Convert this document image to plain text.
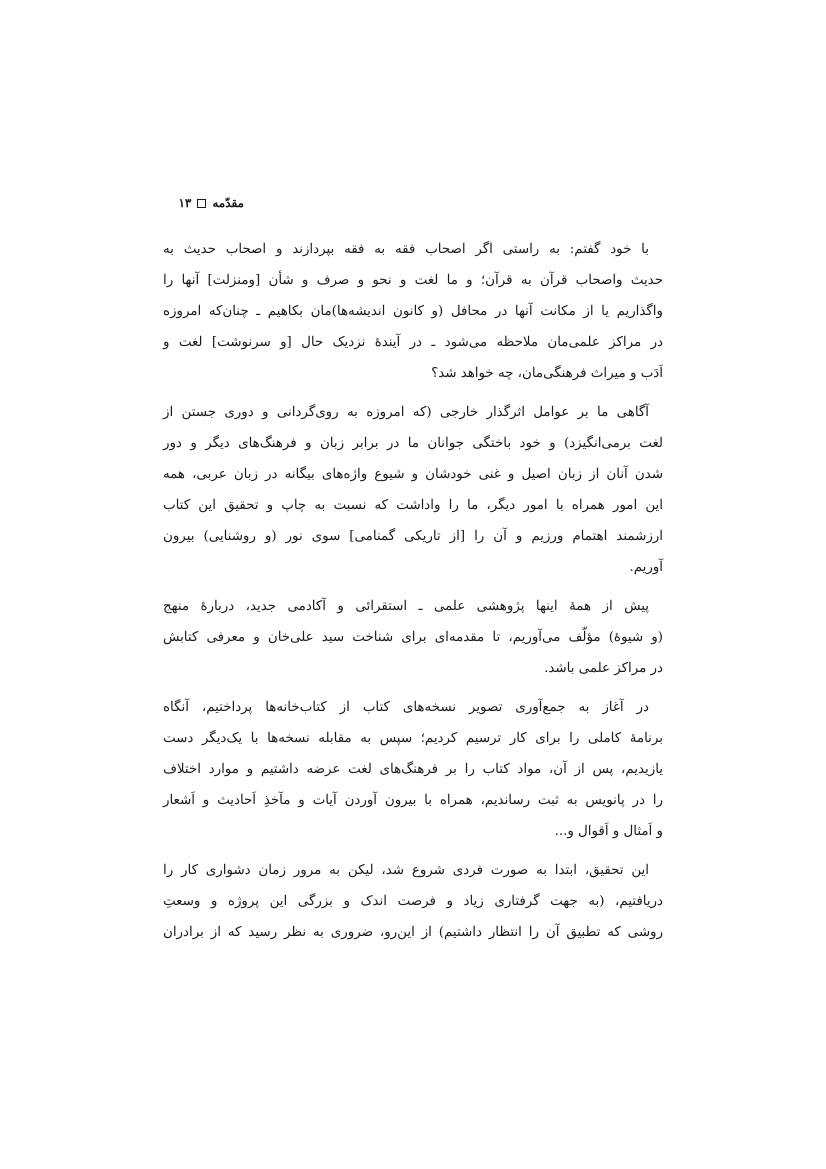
مقدّمه
١٣
با خود گفتم: به راستی اگر اصحاب فقه به فقه بپردازند و اصحاب حدیث به
حدیث واصحاب قرآن به قرآن؛ و ما لغت و نحو و صرف و شأن [ومنزلت] آنها را
واگذاریم یا از مکانت آنها در محافل (و کانون اندیشه‌ها)مان بکاهیم ـ چنان‌که امروزه
در مراکز علمی‌مان ملاحظه می‌شود ـ در آیندهٔ نزدیک حال [و سرنوشت] لغت و
اَدَب و میراث فرهنگی‌مان، چه خواهد شد؟
آگاهی ما بر عوامل اثرگذار خارجی (که امروزه به روی‌گردانی و دوری جستن از
لغت برمی‌انگیزد) و خود باختگی جوانان ما در برابر زبان و فرهنگ‌های دیگر و دور
شدن آنان از زبان اصیل و غنی خودشان و شیوع واژه‌های بیگانه در زبان عربی، همه
این امور همراه با امور دیگر، ما را واداشت که نسبت به چاپ و تحقیق این کتاب
ارزشمند اهتمام ورزیم و آن را [از تاریکی گمنامی] سوی نور (و روشنایی) بیرون
آوریم.
پیش از همهٔ اینها پژوهشی علمی ـ استقرائی و آکادمی جدید، دربارهٔ منهج
(و شیوهٔ) مؤلّف می‌آوریم، تا مقدمه‌ای برای شناخت سید علی‌خان و معرفی کتابش
در مراکز علمی باشد.
در آغاز به جمع‌آوری تصویر نسخه‌های کتاب از کتاب‌خانه‌ها پرداختیم، آنگاه
برنامهٔ کاملی را برای کار ترسیم کردیم؛ سپس به مقابله نسخه‌ها با یک‌دیگر دست
یازیدیم، پس از آن، مواد کتاب را بر فرهنگ‌های لغت عرضه داشتیم و موارد اختلاف
را در پانویس به ثبت رساندیم، همراه با بیرون آوردن آیات و مآخذِ اَحادیث و اَشعار
و اَمثال و اَقوال و...
این تحقیق، ابتدا به صورت فردی شروع شد، لیکن به مرور زمان دشواری کار را
دریافتیم، (به جهت گرفتاری زیاد و فرصت اندک و بزرگی این پروژه و وسعتِ
روشی که تطبیق آن را انتظار داشتیم) از این‌رو، ضروری به نظر رسید که از برادران
